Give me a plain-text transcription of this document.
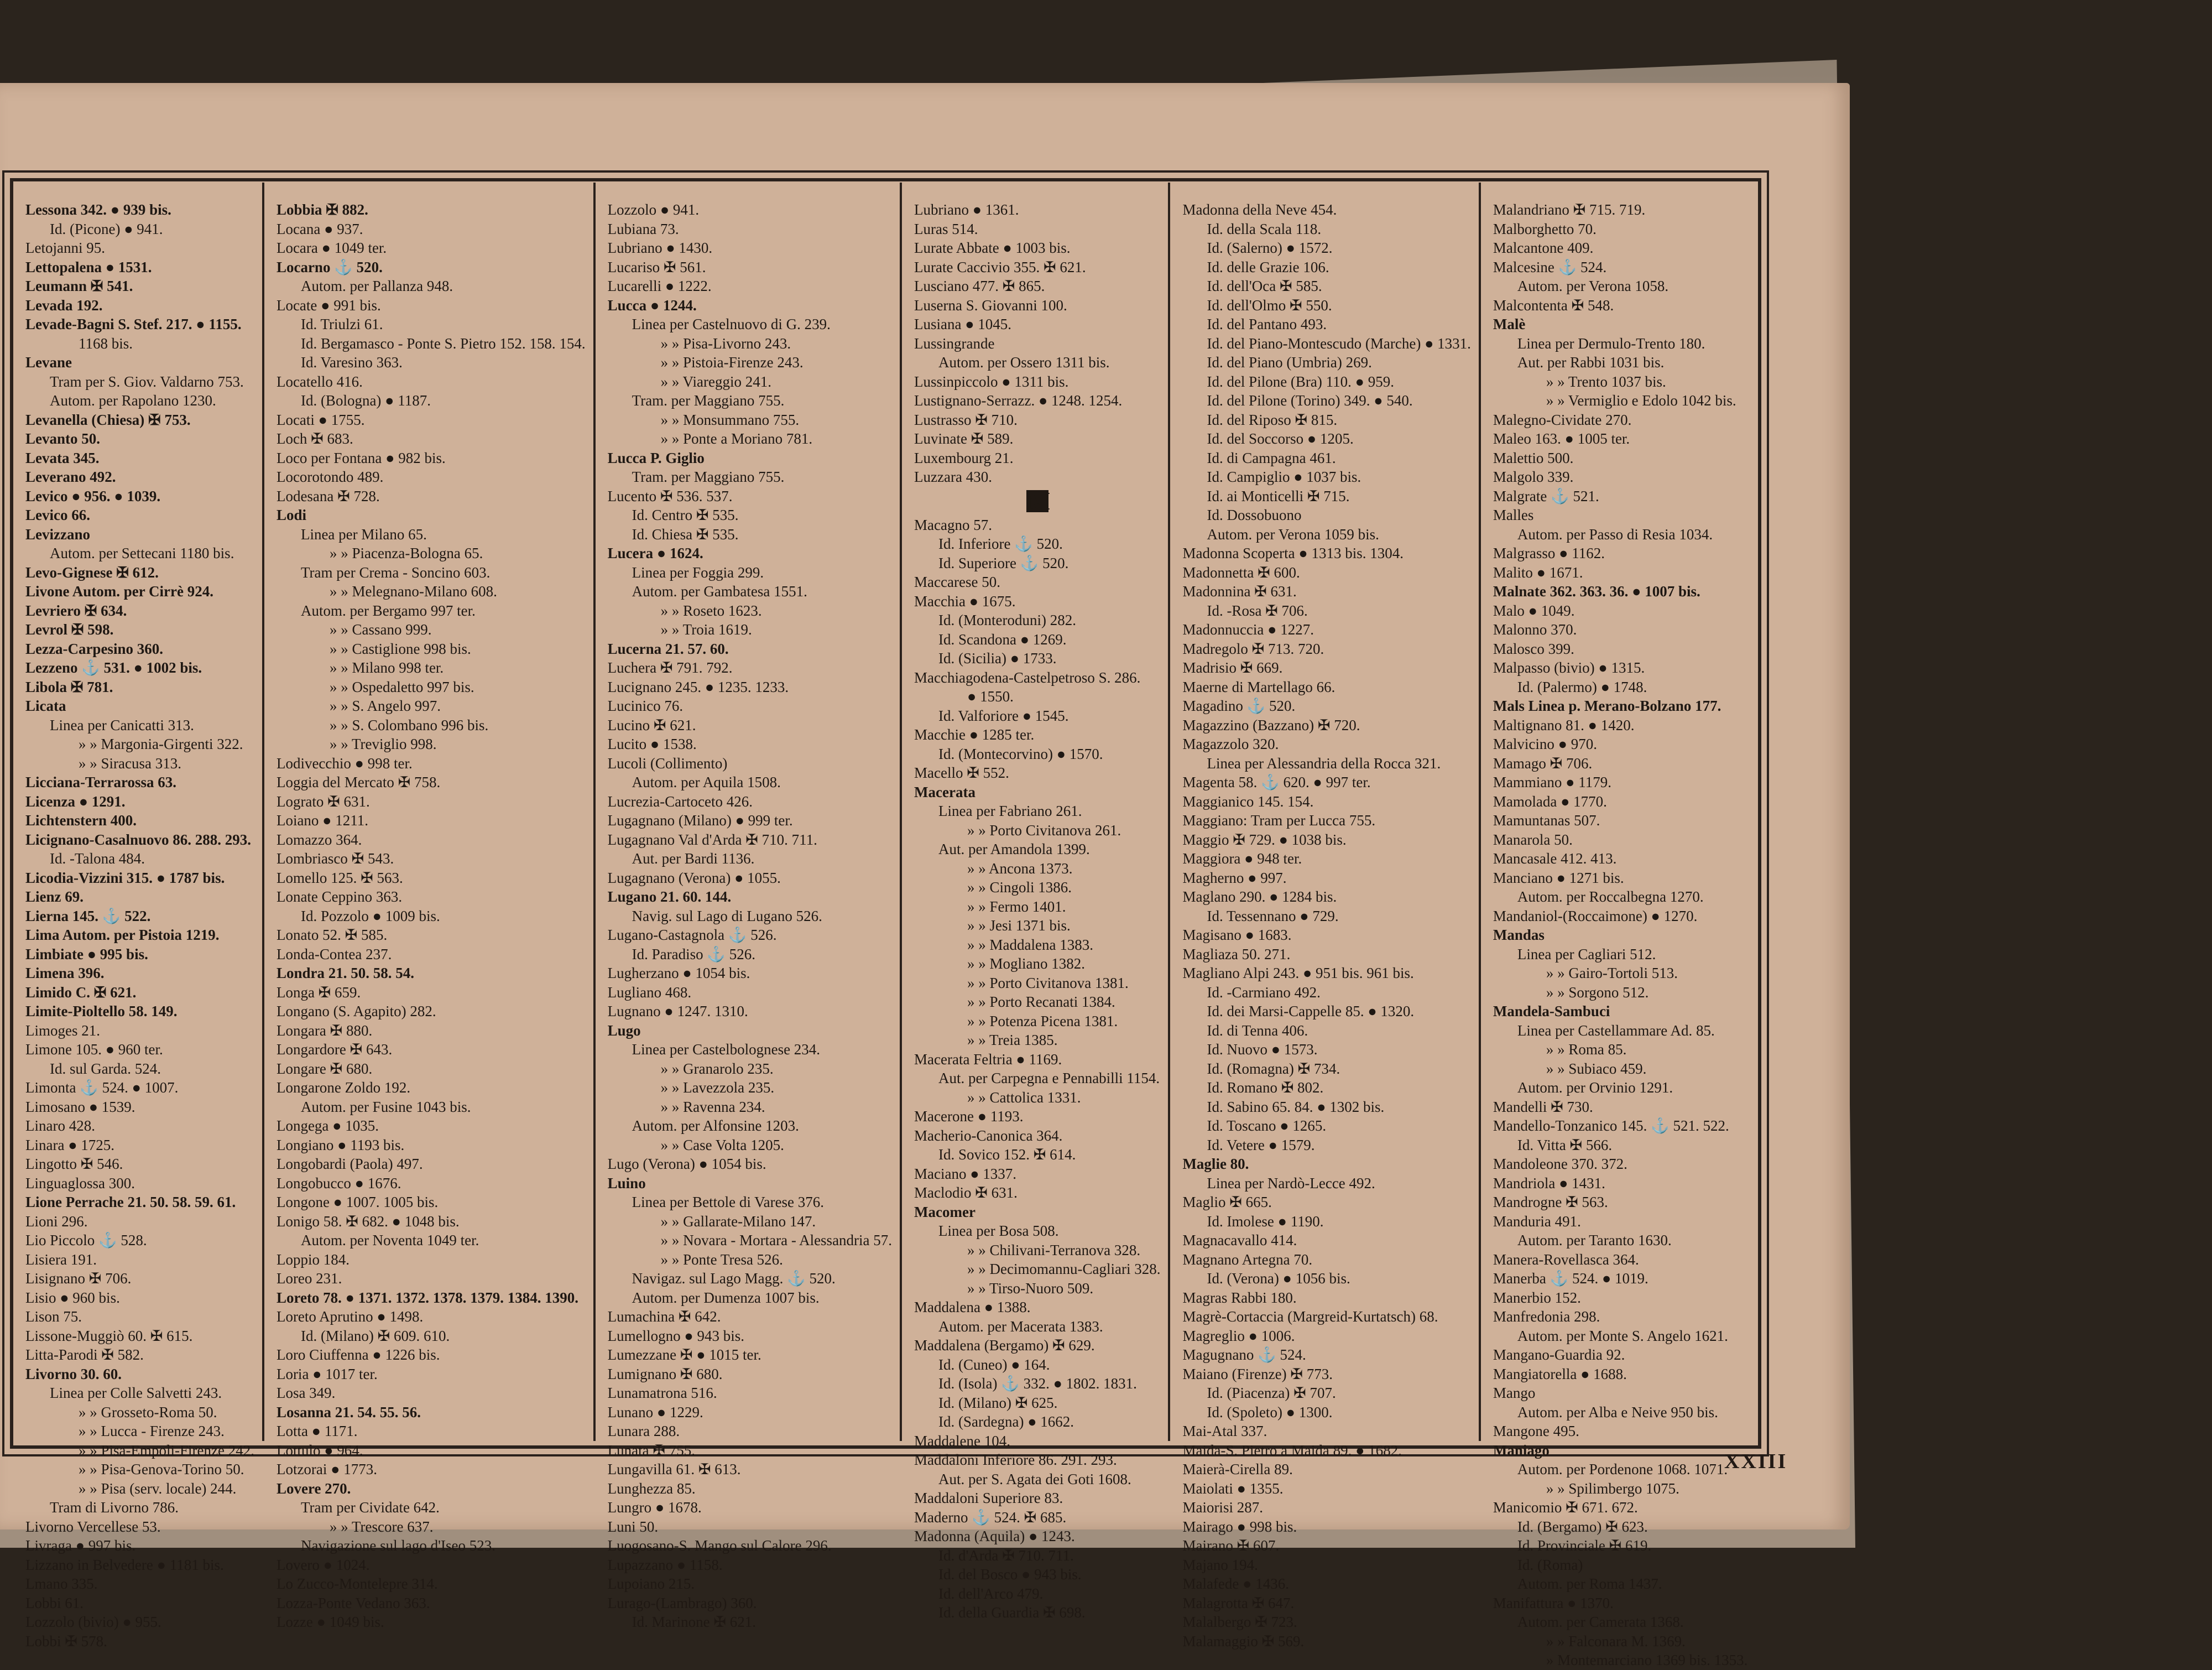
Lessona 342. ● 939 bis.
Id. (Picone) ● 941.
Letojanni 95.
Lettopalena ● 1531.
Leumann ✠ 541.
Levada 192.
Levade-Bagni S. Stef. 217. ● 1155.
1168 bis.
Levane
Tram per S. Giov. Valdarno 753.
Autom. per Rapolano 1230.
Levanella (Chiesa) ✠ 753.
Levanto 50.
Levata 345.
Leverano 492.
Levico ● 956. ● 1039.
Levico 66.
Levizzano
Autom. per Settecani 1180 bis.
Levo-Gignese ✠ 612.
Livone Autom. per Cirrè 924.
Levriero ✠ 634.
Levrol ✠ 598.
Lezza-Carpesino 360.
Lezzeno ⚓ 531. ● 1002 bis.
Libola ✠ 781.
Licata
Linea per Canicatti 313.
» » Margonia-Girgenti 322.
» » Siracusa 313.
Licciana-Terrarossa 63.
Licenza ● 1291.
Lichtenstern 400.
Licignano-Casalnuovo 86. 288. 293.
Id. -Talona 484.
Licodia-Vizzini 315. ● 1787 bis.
Lienz 69.
Lierna 145. ⚓ 522.
Lima Autom. per Pistoia 1219.
Limbiate ● 995 bis.
Limena 396.
Limido C. ✠ 621.
Limite-Pioltello 58. 149.
Limoges 21.
Limone 105. ● 960 ter.
Id. sul Garda. 524.
Limonta ⚓ 524. ● 1007.
Limosano ● 1539.
Linaro 428.
Linara ● 1725.
Lingotto ✠ 546.
Linguaglossa 300.
Lione Perrache 21. 50. 58. 59. 61.
Lioni 296.
Lio Piccolo ⚓ 528.
Lisiera 191.
Lisignano ✠ 706.
Lisio ● 960 bis.
Lison 75.
Lissone-Muggiò 60. ✠ 615.
Litta-Parodi ✠ 582.
Livorno 30. 60.
Linea per Colle Salvetti 243.
» » Grosseto-Roma 50.
» » Lucca - Firenze 243.
» » Pisa-Empoli-Firenze 242.
» » Pisa-Genova-Torino 50.
» » Pisa (serv. locale) 244.
Tram di Livorno 786.
Livorno Vercellese 53.
Livraga ● 997 bis.
Lizzano in Belvedere ● 1181 bis.
Lmano 335.
Lobbi 61.
Lozzolo (bivio) ● 955.
Lobbi ✠ 578.
Lobbia ✠ 882.
Locana ● 937.
Locara ● 1049 ter.
Locarno ⚓ 520.
Autom. per Pallanza 948.
Locate ● 991 bis.
Id. Triulzi 61.
Id. Bergamasco - Ponte S. Pietro 152. 158. 154.
Id. Varesino 363.
Locatello 416.
Id. (Bologna) ● 1187.
Locati ● 1755.
Loch ✠ 683.
Loco per Fontana ● 982 bis.
Locorotondo 489.
Lodesana ✠ 728.
Lodi
Linea per Milano 65.
» » Piacenza-Bologna 65.
Tram per Crema - Soncino 603.
» » Melegnano-Milano 608.
Autom. per Bergamo 997 ter.
» » Cassano 999.
» » Castiglione 998 bis.
» » Milano 998 ter.
» » Ospedaletto 997 bis.
» » S. Angelo 997.
» » S. Colombano 996 bis.
» » Treviglio 998.
Lodivecchio ● 998 ter.
Loggia del Mercato ✠ 758.
Lograto ✠ 631.
Loiano ● 1211.
Lomazzo 364.
Lombriasco ✠ 543.
Lomello 125. ✠ 563.
Lonate Ceppino 363.
Id. Pozzolo ● 1009 bis.
Lonato 52. ✠ 585.
Londa-Contea 237.
Londra 21. 50. 58. 54.
Longa ✠ 659.
Longano (S. Agapito) 282.
Longara ✠ 880.
Longardore ✠ 643.
Longare ✠ 680.
Longarone Zoldo 192.
Autom. per Fusine 1043 bis.
Longega ● 1035.
Longiano ● 1193 bis.
Longobardi (Paola) 497.
Longobucco ● 1676.
Longone ● 1007. 1005 bis.
Lonigo 58. ✠ 682. ● 1048 bis.
Autom. per Noventa 1049 ter.
Loppio 184.
Loreo 231.
Loreto 78. ● 1371. 1372. 1378. 1379. 1384. 1390.
Loreto Aprutino ● 1498.
Id. (Milano) ✠ 609. 610.
Loro Ciuffenna ● 1226 bis.
Loria ● 1017 ter.
Losa 349.
Losanna 21. 54. 55. 56.
Lotta ● 1171.
Lottulo ● 964.
Lotzorai ● 1773.
Lovere 270.
Tram per Cividate 642.
» » Trescore 637.
Navigazione sul lago d'Iseo 523.
Lovero ● 1024.
Lo Zucco-Montelepre 314.
Lozza-Ponte Vedano 363.
Lozze ● 1049 bis.
Lozzolo ● 941.
Lubiana 73.
Lubriano ● 1430.
Lucariso ✠ 561.
Lucarelli ● 1222.
Lucca ● 1244.
Linea per Castelnuovo di G. 239.
» » Pisa-Livorno 243.
» » Pistoia-Firenze 243.
» » Viareggio 241.
Tram. per Maggiano 755.
» » Monsummano 755.
» » Ponte a Moriano 781.
Lucca P. Giglio
Tram. per Maggiano 755.
Lucento ✠ 536. 537.
Id. Centro ✠ 535.
Id. Chiesa ✠ 535.
Lucera ● 1624.
Linea per Foggia 299.
Autom. per Gambatesa 1551.
» » Roseto 1623.
» » Troia 1619.
Lucerna 21. 57. 60.
Luchera ✠ 791. 792.
Lucignano 245. ● 1235. 1233.
Lucinico 76.
Lucino ✠ 621.
Lucito ● 1538.
Lucoli (Collimento)
Autom. per Aquila 1508.
Lucrezia-Cartoceto 426.
Lugagnano (Milano) ● 999 ter.
Lugagnano Val d'Arda ✠ 710. 711.
Aut. per Bardi 1136.
Lugagnano (Verona) ● 1055.
Lugano 21. 60. 144.
Navig. sul Lago di Lugano 526.
Lugano-Castagnola ⚓ 526.
Id. Paradiso ⚓ 526.
Lugherzano ● 1054 bis.
Lugliano 468.
Lugnano ● 1247. 1310.
Lugo
Linea per Castelbolognese 234.
» » Granarolo 235.
» » Lavezzola 235.
» » Ravenna 234.
Autom. per Alfonsine 1203.
» » Case Volta 1205.
Lugo (Verona) ● 1054 bis.
Luino
Linea per Bettole di Varese 376.
» » Gallarate-Milano 147.
» » Novara - Mortara - Alessandria 57.
» » Ponte Tresa 526.
Navigaz. sul Lago Magg. ⚓ 520.
Autom. per Dumenza 1007 bis.
Lumachina ✠ 642.
Lumellogno ● 943 bis.
Lumezzane ✠ ● 1015 ter.
Lumignano ✠ 680.
Lunamatrona 516.
Lunano ● 1229.
Lunara 288.
Lunata ✠ 755.
Lungavilla 61. ✠ 613.
Lunghezza 85.
Lungro ● 1678.
Luni 50.
Luogosano-S. Mango sul Calore 296.
Lupazzano ● 1158.
Lupoiano 215.
Lurago-(Lambrago) 360.
Id. Marinone ✠ 621.
Lubriano ● 1361.
Luras 514.
Lurate Abbate ● 1003 bis.
Lurate Caccivio 355. ✠ 621.
Lusciano 477. ✠ 865.
Luserna S. Giovanni 100.
Lusiana ● 1045.
Lussingrande
Autom. per Ossero 1311 bis.
Lussinpiccolo ● 1311 bis.
Lustignano-Serrazz. ● 1248. 1254.
Lustrasso ✠ 710.
Luvinate ✠ 589.
Luxembourg 21.
Luzzara 430.
M
Macagno 57.
Id. Inferiore ⚓ 520.
Id. Superiore ⚓ 520.
Maccarese 50.
Macchia ● 1675.
Id. (Monteroduni) 282.
Id. Scandona ● 1269.
Id. (Sicilia) ● 1733.
Macchiagodena-Castelpetroso S. 286.
● 1550.
Id. Valforiore ● 1545.
Macchie ● 1285 ter.
Id. (Montecorvino) ● 1570.
Macello ✠ 552.
Macerata
Linea per Fabriano 261.
» » Porto Civitanova 261.
Aut. per Amandola 1399.
» » Ancona 1373.
» » Cingoli 1386.
» » Fermo 1401.
» » Jesi 1371 bis.
» » Maddalena 1383.
» » Mogliano 1382.
» » Porto Civitanova 1381.
» » Porto Recanati 1384.
» » Potenza Picena 1381.
» » Treia 1385.
Macerata Feltria ● 1169.
Aut. per Carpegna e Pennabilli 1154.
» » Cattolica 1331.
Macerone ● 1193.
Macherio-Canonica 364.
Id. Sovico 152. ✠ 614.
Maciano ● 1337.
Maclodio ✠ 631.
Macomer
Linea per Bosa 508.
» » Chilivani-Terranova 328.
» » Decimomannu-Cagliari 328.
» » Tirso-Nuoro 509.
Maddalena ● 1388.
Autom. per Macerata 1383.
Maddalena (Bergamo) ✠ 629.
Id. (Cuneo) ● 164.
Id. (Isola) ⚓ 332. ● 1802. 1831.
Id. (Milano) ✠ 625.
Id. (Sardegna) ● 1662.
Maddalene 104.
Maddaloni Inferiore 86. 291. 293.
Aut. per S. Agata dei Goti 1608.
Maddaloni Superiore 83.
Maderno ⚓ 524. ✠ 685.
Madonna (Aquila) ● 1243.
Id. d'Arda ✠ 710. 711.
Id. del Bosco ● 943 bis.
Id. dell'Arco 479.
Id. della Guardia ✠ 698.
Madonna della Neve 454.
Id. della Scala 118.
Id. (Salerno) ● 1572.
Id. delle Grazie 106.
Id. dell'Oca ✠ 585.
Id. dell'Olmo ✠ 550.
Id. del Pantano 493.
Id. del Piano-Montescudo (Marche) ● 1331.
Id. del Piano (Umbria) 269.
Id. del Pilone (Bra) 110. ● 959.
Id. del Pilone (Torino) 349. ● 540.
Id. del Riposo ✠ 815.
Id. del Soccorso ● 1205.
Id. di Campagna 461.
Id. Campiglio ● 1037 bis.
Id. ai Monticelli ✠ 715.
Id. Dossobuono
Autom. per Verona 1059 bis.
Madonna Scoperta ● 1313 bis. 1304.
Madonnetta ✠ 600.
Madonnina ✠ 631.
Id. -Rosa ✠ 706.
Madonnuccia ● 1227.
Madregolo ✠ 713. 720.
Madrisio ✠ 669.
Maerne di Martellago 66.
Magadino ⚓ 520.
Magazzino (Bazzano) ✠ 720.
Magazzolo 320.
Linea per Alessandria della Rocca 321.
Magenta 58. ⚓ 620. ● 997 ter.
Maggianico 145. 154.
Maggiano: Tram per Lucca 755.
Maggio ✠ 729. ● 1038 bis.
Maggiora ● 948 ter.
Magherno ● 997.
Maglano 290. ● 1284 bis.
Id. Tessennano ● 729.
Magisano ● 1683.
Magliaza 50. 271.
Magliano Alpi 243. ● 951 bis. 961 bis.
Id. -Carmiano 492.
Id. dei Marsi-Cappelle 85. ● 1320.
Id. di Tenna 406.
Id. Nuovo ● 1573.
Id. (Romagna) ✠ 734.
Id. Romano ✠ 802.
Id. Sabino 65. 84. ● 1302 bis.
Id. Toscano ● 1265.
Id. Vetere ● 1579.
Maglie 80.
Linea per Nardò-Lecce 492.
Maglio ✠ 665.
Id. Imolese ● 1190.
Magnacavallo 414.
Magnano Artegna 70.
Id. (Verona) ● 1056 bis.
Magras Rabbi 180.
Magrè-Cortaccia (Margreid-Kurtatsch) 68.
Magreglio ● 1006.
Magugnano ⚓ 524.
Maiano (Firenze) ✠ 773.
Id. (Piacenza) ✠ 707.
Id. (Spoleto) ● 1300.
Mai-Atal 337.
Maida-S. Pietro a Maida 89. ● 1682.
Maierà-Cirella 89.
Maiolati ● 1355.
Maiorisi 287.
Mairago ● 998 bis.
Mairano ✠ 607.
Majano 194.
Malafede ● 1436.
Malagrotta ✠ 647.
Malalbergo ✠ 723.
Malamaggio ✠ 569.
Malandriano ✠ 715. 719.
Malborghetto 70.
Malcantone 409.
Malcesine ⚓ 524.
Autom. per Verona 1058.
Malcontenta ✠ 548.
Malè
Linea per Dermulo-Trento 180.
Aut. per Rabbi 1031 bis.
» » Trento 1037 bis.
» » Vermiglio e Edolo 1042 bis.
Malegno-Cividate 270.
Maleo 163. ● 1005 ter.
Malettio 500.
Malgolo 339.
Malgrate ⚓ 521.
Malles
Autom. per Passo di Resia 1034.
Malgrasso ● 1162.
Malito ● 1671.
Malnate 362. 363. 36. ● 1007 bis.
Malo ● 1049.
Malonno 370.
Malosco 399.
Malpasso (bivio) ● 1315.
Id. (Palermo) ● 1748.
Mals Linea p. Merano-Bolzano 177.
Maltignano 81. ● 1420.
Malvicino ● 970.
Mamago ✠ 706.
Mammiano ● 1179.
Mamolada ● 1770.
Mamuntanas 507.
Manarola 50.
Mancasale 412. 413.
Manciano ● 1271 bis.
Autom. per Roccalbegna 1270.
Mandaniol-(Roccaimone) ● 1270.
Mandas
Linea per Cagliari 512.
» » Gairo-Tortoli 513.
» » Sorgono 512.
Mandela-Sambuci
Linea per Castellammare Ad. 85.
» » Roma 85.
» » Subiaco 459.
Autom. per Orvinio 1291.
Mandelli ✠ 730.
Mandello-Tonzanico 145. ⚓ 521. 522.
Id. Vitta ✠ 566.
Mandoleone 370. 372.
Mandriola ● 1431.
Mandrogne ✠ 563.
Manduria 491.
Autom. per Taranto 1630.
Manera-Rovellasca 364.
Manerba ⚓ 524. ● 1019.
Manerbio 152.
Manfredonia 298.
Autom. per Monte S. Angelo 1621.
Mangano-Guardia 92.
Mangiatorella ● 1688.
Mango
Autom. per Alba e Neive 950 bis.
Mangone 495.
Maniago
Autom. per Pordenone 1068. 1071.
» » Spilimbergo 1075.
Manicomio ✠ 671. 672.
Id. (Bergamo) ✠ 623.
Id. Provinciale ✠ 619.
Id. (Roma)
Autom. per Roma 1437.
Manifattura ● 1370.
Autom. per Camerata 1368.
» » Falconara M. 1369.
» Montemarciano 1369 bis. 1353.
XXIII
